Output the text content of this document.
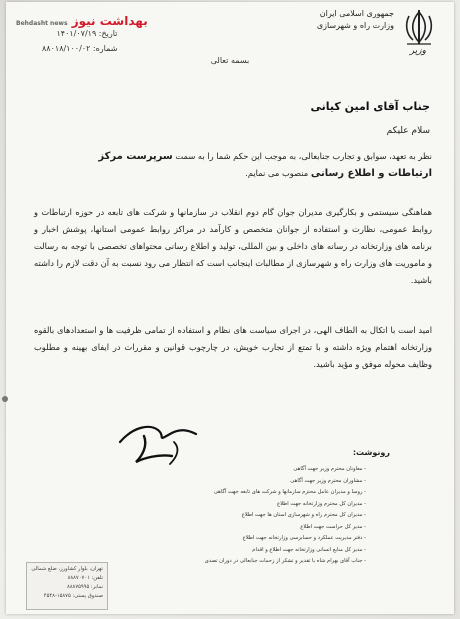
ﺑﻬﺪﺍﺷﺖ ﻧﯿﻮﺯ Behdasht news
جمهوری اسلامی ایران
وزارت راه و شهرسازی
وزیر
تاریخ: ۱۴۰۱/۰۷/۱۹
شماره: ۸۸۰۱۸/۱۰۰/۰۲
بسمه تعالی
جناب آقای امین کیانی
سلام علیکم
نظر به تعهد، سوابق و تجارب جنابعالی، به موجب این حکم شما را به سمت سرپرست مرکز
ارتباطات و اطلاع رسانی منصوب می نمایم.
هماهنگی سیستمی و بکارگیری مدیران جوان گام دوم انقلاب در سازمانها و شرکت های تابعه در حوزه ارتباطات و روابط عمومی، نظارت و استفاده از جوانان متخصص و کارآمد در مراکز روابط عمومی استانها، پوشش اخبار و برنامه های وزارتخانه در رسانه های داخلی و بین المللی، تولید و اطلاع رسانی محتواهای تخصصی با توجه به رسالت و ماموریت های وزارت راه و شهرسازی از مطالبات اینجانب است که انتظار می رود نسبت به آن دقت لازم را داشته باشید.
امید است با اتکال به الطاف الهی، در اجرای سیاست های نظام و استفاده از تمامی ظرفیت ها و استعدادهای بالقوه وزارتخانه اهتمام ویژه داشته و با تمتع از تجارب خویش، در چارچوب قوانین و مقررات در ایفای بهینه و مطلوب وظایف محوله موفق و مؤید باشید.
رونوشت:
- معاونان محترم وزیر جهت آگاهی
- مشاوران محترم وزیر جهت آگاهی
- روسا و مدیران عامل محترم سازمانها و شرکت های تابعه جهت آگاهی
- مدیران کل محترم وزارتخانه جهت اطلاع
- مدیران کل محترم راه و شهرسازی استان ها جهت اطلاع
- مدیر کل حراست جهت اطلاع
- دفتر مدیریت عملکرد و حسابرسی وزارتخانه جهت اطلاع
- مدیر کل منابع انسانی وزارتخانه جهت اطلاع و اقدام
- جناب آقای بهرام شاه با تقدیر و تشکر از زحمات جنابعالی در دوران تصدی
تهران، بلوار کشاورز، ضلع شمالی
تلفن: ۸۸۸۷۰۷۰۱
نمابر: ۸۸۸۷۵۹۹۵
صندوق پستی: ۱۵۸۷۵-۴۵۴۸
